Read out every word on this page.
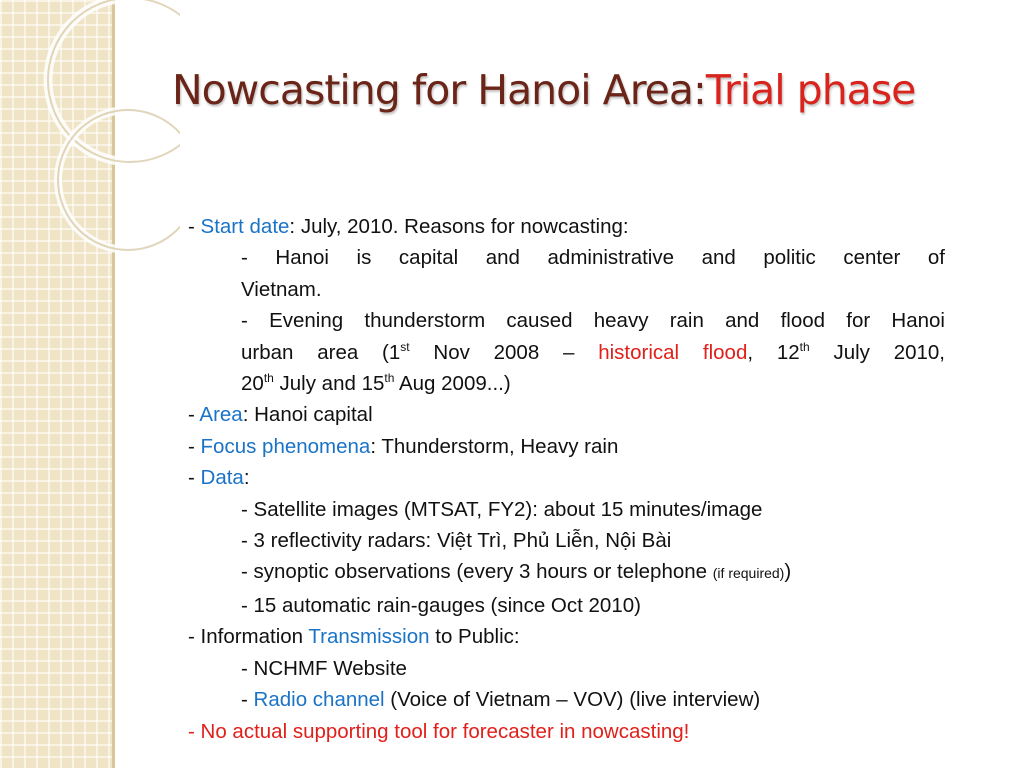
Nowcasting for Hanoi Area:Trial phase
- Start date: July, 2010. Reasons for nowcasting:
- Hanoi is capital and administrative and politic center of
Vietnam.
- Evening thunderstorm caused heavy rain and flood for Hanoi
urban area (1st Nov 2008 – historical flood, 12th July 2010,
20th July and 15th Aug 2009...)
- Area: Hanoi capital
- Focus phenomena: Thunderstorm, Heavy rain
- Data:
- Satellite images (MTSAT, FY2): about 15 minutes/image
- 3 reflectivity radars: Việt Trì, Phủ Liễn, Nội Bài
- synoptic observations (every 3 hours or telephone (if required))
- 15 automatic rain-gauges (since Oct 2010)
- Information Transmission to Public:
- NCHMF Website
- Radio channel (Voice of Vietnam – VOV) (live interview)
- No actual supporting tool for forecaster in nowcasting!
